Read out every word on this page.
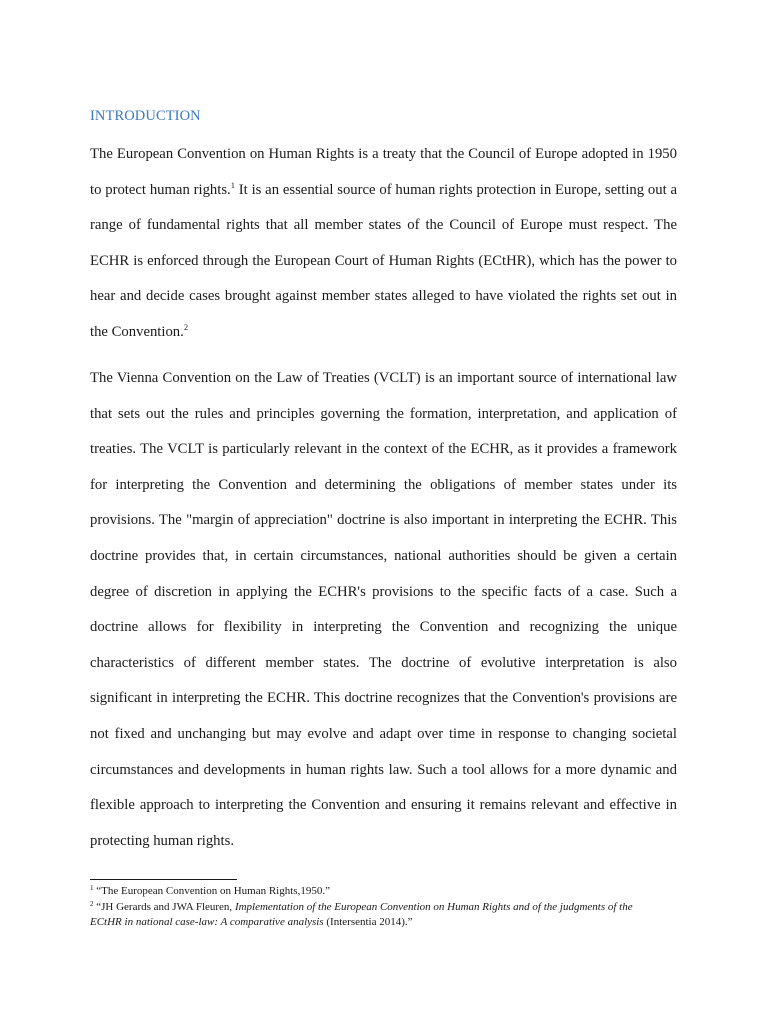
INTRODUCTION

The European Convention on Human Rights is a treaty that the Council of Europe adopted in 1950 to protect human rights.$^1$ It is an essential source of human rights protection in Europe, setting out a range of fundamental rights that all member states of the Council of Europe must respect. The ECHR is enforced through the European Court of Human Rights (ECtHR), which has the power to hear and decide cases brought against member states alleged to have violated the rights set out in the Convention.$^2$

The Vienna Convention on the Law of Treaties (VCLT) is an important source of international law that sets out the rules and principles governing the formation, interpretation, and application of treaties. The VCLT is particularly relevant in the context of the ECHR, as it provides a framework for interpreting the Convention and determining the obligations of member states under its provisions. The "margin of appreciation" doctrine is also important in interpreting the ECHR. This doctrine provides that, in certain circumstances, national authorities should be given a certain degree of discretion in applying the ECHR's provisions to the specific facts of a case. Such a doctrine allows for flexibility in interpreting the Convention and recognizing the unique characteristics of different member states. The doctrine of evolutive interpretation is also significant in interpreting the ECHR. This doctrine recognizes that the Convention's provisions are not fixed and unchanging but may evolve and adapt over time in response to changing societal circumstances and developments in human rights law. Such a tool allows for a more dynamic and flexible approach to interpreting the Convention and ensuring it remains relevant and effective in protecting human rights.

$^1$ “The European Convention on Human Rights,1950.”

$^2$ “JH Gerards and JWA Fleuren, Implementation of the European Convention on Human Rights and of the judgments of the ECtHR in national case-law: A comparative analysis (Intersentia 2014).”
